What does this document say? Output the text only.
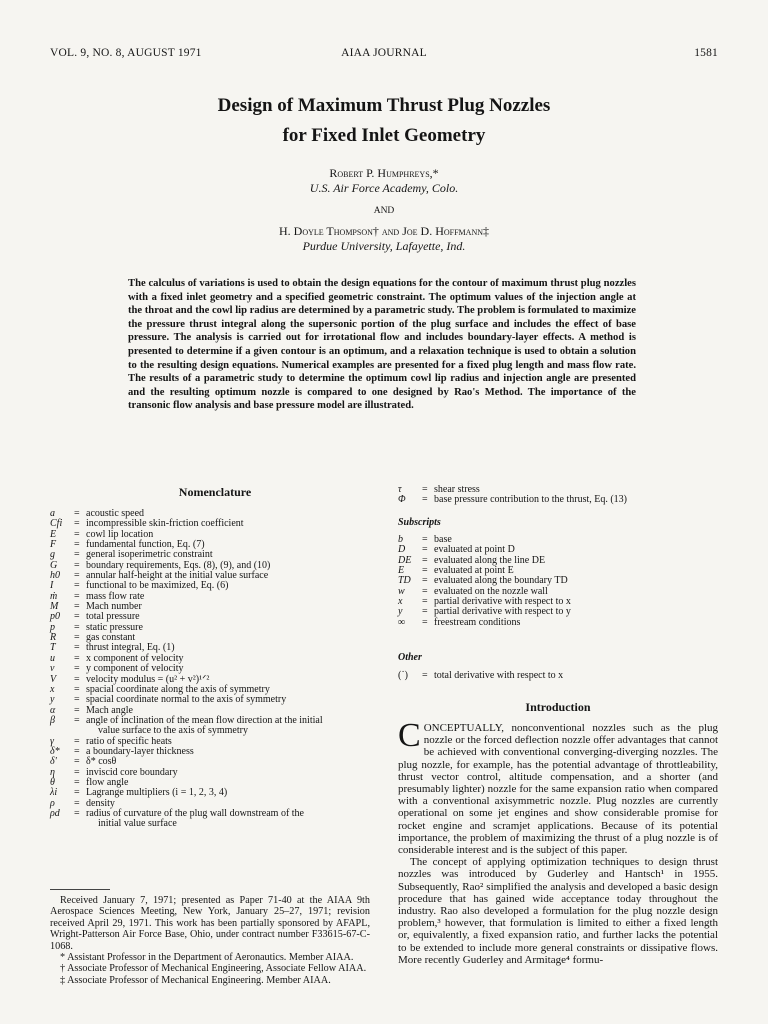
VOL. 9, NO. 8, AUGUST 1971	AIAA JOURNAL	1581
Design of Maximum Thrust Plug Nozzles
for Fixed Inlet Geometry
Robert P. Humphreys,*
U.S. Air Force Academy, Colo.
AND
H. Doyle Thompson† and Joe D. Hoffmann‡
Purdue University, Lafayette, Ind.

The calculus of variations is used to obtain the design equations for the contour of maximum thrust plug nozzles with a fixed inlet geometry and a specified geometric constraint. The optimum values of the injection angle at the throat and the cowl lip radius are determined by a parametric study. The problem is formulated to maximize the pressure thrust integral along the supersonic portion of the plug surface and includes the effect of base pressure. The analysis is carried out for irrotational flow and includes boundary-layer effects. A method is presented to determine if a given contour is an optimum, and a relaxation technique is used to obtain a solution to the resulting design equations. Numerical examples are presented for a fixed plug length and mass flow rate. The results of a parametric study to determine the optimum cowl lip radius and injection angle are presented and the resulting optimum nozzle is compared to one designed by Rao's Method. The importance of the transonic flow analysis and base pressure model are illustrated.

Nomenclature
a	= acoustic speed
Cfi	= incompressible skin-friction coefficient
E	= cowl lip location
F	= fundamental function, Eq. (7)
g	= general isoperimetric constraint
G	= boundary requirements, Eqs. (8), (9), and (10)
h0	= annular half-height at the initial value surface
I	= functional to be maximized, Eq. (6)
ṁ	= mass flow rate
M	= Mach number
p0	= total pressure
p	= static pressure
R	= gas constant
T	= thrust integral, Eq. (1)
u	= x component of velocity
v	= y component of velocity
V	= velocity modulus = (u² + v²)¹ᐟ²
x	= spacial coordinate along the axis of symmetry
y	= spacial coordinate normal to the axis of symmetry
α	= Mach angle
β	= angle of inclination of the mean flow direction at the initial
value surface to the axis of symmetry
γ	= ratio of specific heats
δ*	= a boundary-layer thickness
δ'	= δ* cosθ
η	= inviscid core boundary
θ	= flow angle
λi	= Lagrange multipliers (i = 1, 2, 3, 4)
ρ	= density
ρd	= radius of curvature of the plug wall downstream of the
initial value surface

Received January 7, 1971; presented as Paper 71-40 at the AIAA 9th Aerospace Sciences Meeting, New York, January 25–27, 1971; revision received April 29, 1971. This work has been partially sponsored by AFAPL, Wright-Patterson Air Force Base, Ohio, under contract number F33615-67-C-1068.

* Assistant Professor in the Department of Aeronautics. Member AIAA.

† Associate Professor of Mechanical Engineering, Associate Fellow AIAA.

‡ Associate Professor of Mechanical Engineering. Member AIAA.

τ	= shear stress
Φ	= base pressure contribution to the thrust, Eq. (13)
Subscripts
b	= base
D	= evaluated at point D
DE	= evaluated along the line DE
E	= evaluated at point E
TD	= evaluated along the boundary TD
w	= evaluated on the nozzle wall
x	= partial derivative with respect to x
y	= partial derivative with respect to y
∞	= freestream conditions
Other
(˙)	= total derivative with respect to x
Introduction

CONCEPTUALLY, nonconventional nozzles such as the plug nozzle or the forced deflection nozzle offer advantages that cannot be achieved with conventional converging-diverging nozzles. The plug nozzle, for example, has the potential advantage of throttleability, thrust vector control, altitude compensation, and a shorter (and presumably lighter) nozzle for the same expansion ratio when compared with a conventional axisymmetric nozzle. Plug nozzles are currently operational on some jet engines and show considerable promise for rocket engine and scramjet applications. Because of its potential importance, the problem of maximizing the thrust of a plug nozzle is of considerable interest and is the subject of this paper.

The concept of applying optimization techniques to design thrust nozzles was introduced by Guderley and Hantsch¹ in 1955. Subsequently, Rao² simplified the analysis and developed a basic design procedure that has gained wide acceptance today throughout the industry. Rao also developed a formulation for the plug nozzle design problem,³ however, that formulation is limited to either a fixed length or, equivalently, a fixed expansion ratio, and further lacks the potential to be extended to include more general constraints or dissipative flows. More recently Guderley and Armitage⁴ formu-
